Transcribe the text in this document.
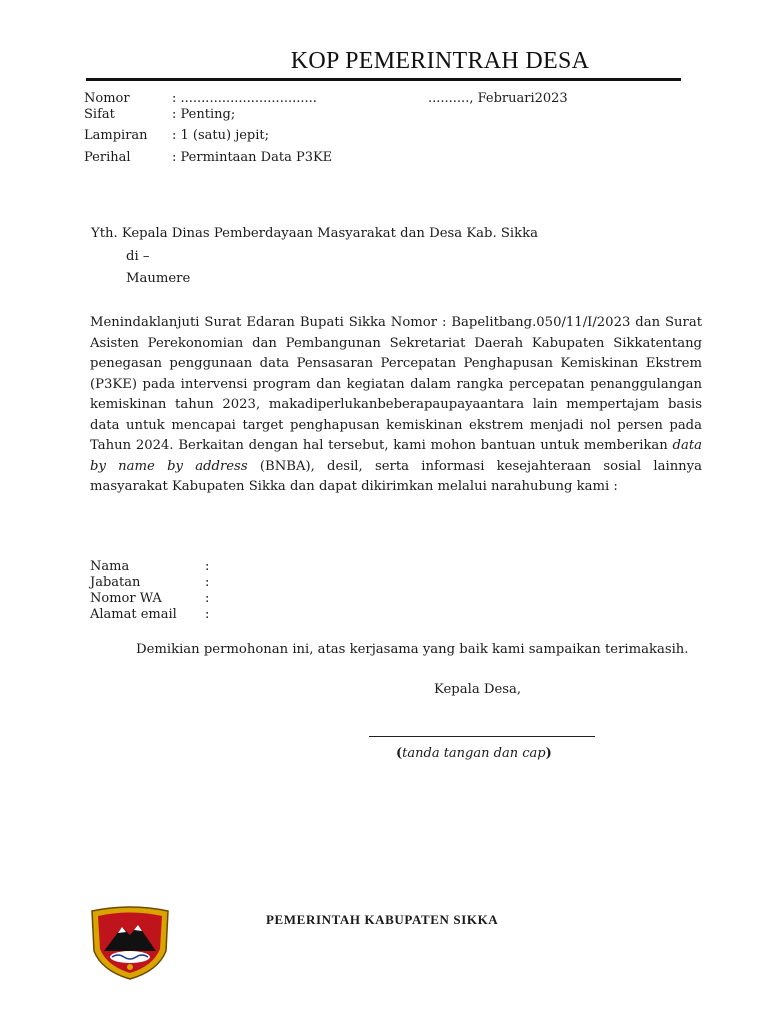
KOP PEMERINTRAH DESA
Nomor	: .................................	.........., Februari2023
Sifat	: Penting;
Lampiran : 1 (satu) jepit;
Perihal	: Permintaan Data P3KE
Yth. Kepala Dinas Pemberdayaan Masyarakat dan Desa Kab. Sikka
di –
Maumere
Menindaklanjuti Surat Edaran Bupati Sikka Nomor : Bapelitbang.050/11/I/2023 dan Surat Asisten Perekonomian dan Pembangunan Sekretariat Daerah Kabupaten Sikkatentang penegasan penggunaan data Pensasaran Percepatan Penghapusan Kemiskinan Ekstrem (P3KE) pada intervensi program dan kegiatan dalam rangka percepatan penanggulangan kemiskinan tahun 2023, makadiperlukanbeberapaupayaantara lain mempertajam basis data untuk mencapai target penghapusan kemiskinan ekstrem menjadi nol persen pada Tahun 2024. Berkaitan dengan hal tersebut, kami mohon bantuan untuk memberikan data by name by address (BNBA), desil, serta informasi kesejahteraan sosial lainnya masyarakat Kabupaten Sikka dan dapat dikirimkan melalui narahubung kami :
Nama	:
Jabatan	:
Nomor WA	:
Alamat email :
Demikian permohonan ini, atas kerjasama yang baik kami sampaikan terimakasih.
Kepala Desa,
(tanda tangan dan cap)
PEMERINTAH KABUPATEN SIKKA
